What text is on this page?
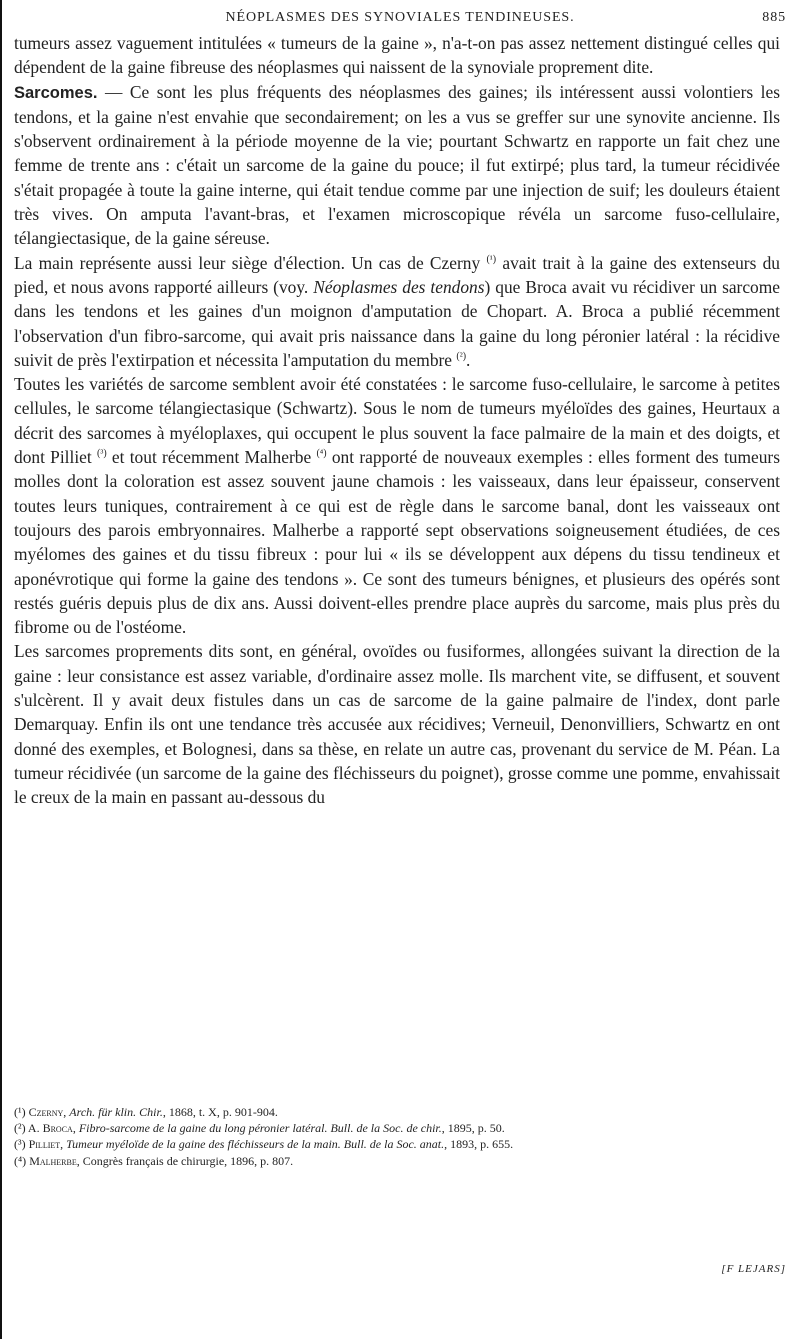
NÉOPLASMES DES SYNOVIALES TENDINEUSES.	885

tumeurs assez vaguement intitulées « tumeurs de la gaine », n'a-t-on pas assez nettement distingué celles qui dépendent de la gaine fibreuse des néoplasmes qui naissent de la synoviale proprement dite.

Sarcomes. — Ce sont les plus fréquents des néoplasmes des gaines; ils intéressent aussi volontiers les tendons, et la gaine n'est envahie que secondairement; on les a vus se greffer sur une synovite ancienne. Ils s'observent ordinairement à la période moyenne de la vie; pourtant Schwartz en rapporte un fait chez une femme de trente ans : c'était un sarcome de la gaine du pouce; il fut extirpé; plus tard, la tumeur récidivée s'était propagée à toute la gaine interne, qui était tendue comme par une injection de suif; les douleurs étaient très vives. On amputa l'avant-bras, et l'examen microscopique révéla un sarcome fuso-cellulaire, télangiectasique, de la gaine séreuse.

La main représente aussi leur siège d'élection. Un cas de Czerny $^{(^1)}$ avait trait à la gaine des extenseurs du pied, et nous avons rapporté ailleurs (voy. Néoplasmes des tendons) que Broca avait vu récidiver un sarcome dans les tendons et les gaines d'un moignon d'amputation de Chopart. A. Broca a publié récemment l'observation d'un fibro-sarcome, qui avait pris naissance dans la gaine du long péronier latéral : la récidive suivit de près l'extirpation et nécessita l'amputation du membre $^{(^2)}$.

Toutes les variétés de sarcome semblent avoir été constatées : le sarcome fuso-cellulaire, le sarcome à petites cellules, le sarcome télangiectasique (Schwartz). Sous le nom de tumeurs myéloïdes des gaines, Heurtaux a décrit des sarcomes à myéloplaxes, qui occupent le plus souvent la face palmaire de la main et des doigts, et dont Pilliet $^{(^3)}$ et tout récemment Malherbe $^{(^4)}$ ont rapporté de nouveaux exemples : elles forment des tumeurs molles dont la coloration est assez souvent jaune chamois : les vaisseaux, dans leur épaisseur, conservent toutes leurs tuniques, contrairement à ce qui est de règle dans le sarcome banal, dont les vaisseaux ont toujours des parois embryonnaires. Malherbe a rapporté sept observations soigneusement étudiées, de ces myélomes des gaines et du tissu fibreux : pour lui « ils se développent aux dépens du tissu tendineux et aponévrotique qui forme la gaine des tendons ». Ce sont des tumeurs bénignes, et plusieurs des opérés sont restés guéris depuis plus de dix ans. Aussi doivent-elles prendre place auprès du sarcome, mais plus près du fibrome ou de l'ostéome.

Les sarcomes proprements dits sont, en général, ovoïdes ou fusiformes, allongées suivant la direction de la gaine : leur consistance est assez variable, d'ordinaire assez molle. Ils marchent vite, se diffusent, et souvent s'ulcèrent. Il y avait deux fistules dans un cas de sarcome de la gaine palmaire de l'index, dont parle Demarquay. Enfin ils ont une tendance très accusée aux récidives; Verneuil, Denonvilliers, Schwartz en ont donné des exemples, et Bolognesi, dans sa thèse, en relate un autre cas, provenant du service de M. Péan. La tumeur récidivée (un sarcome de la gaine des fléchisseurs du poignet), grosse comme une pomme, envahissait le creux de la main en passant au-dessous du

(¹) Czerny, Arch. für klin. Chir., 1868, t. X, p. 901-904.

(²) A. Broca, Fibro-sarcome de la gaine du long péronier latéral. Bull. de la Soc. de chir., 1895, p. 50.

(³) Pilliet, Tumeur myéloïde de la gaine des fléchisseurs de la main. Bull. de la Soc. anat., 1893, p. 655.

(⁴) Malherbe, Congrès français de chirurgie, 1896, p. 807.

[F LEJARS]
